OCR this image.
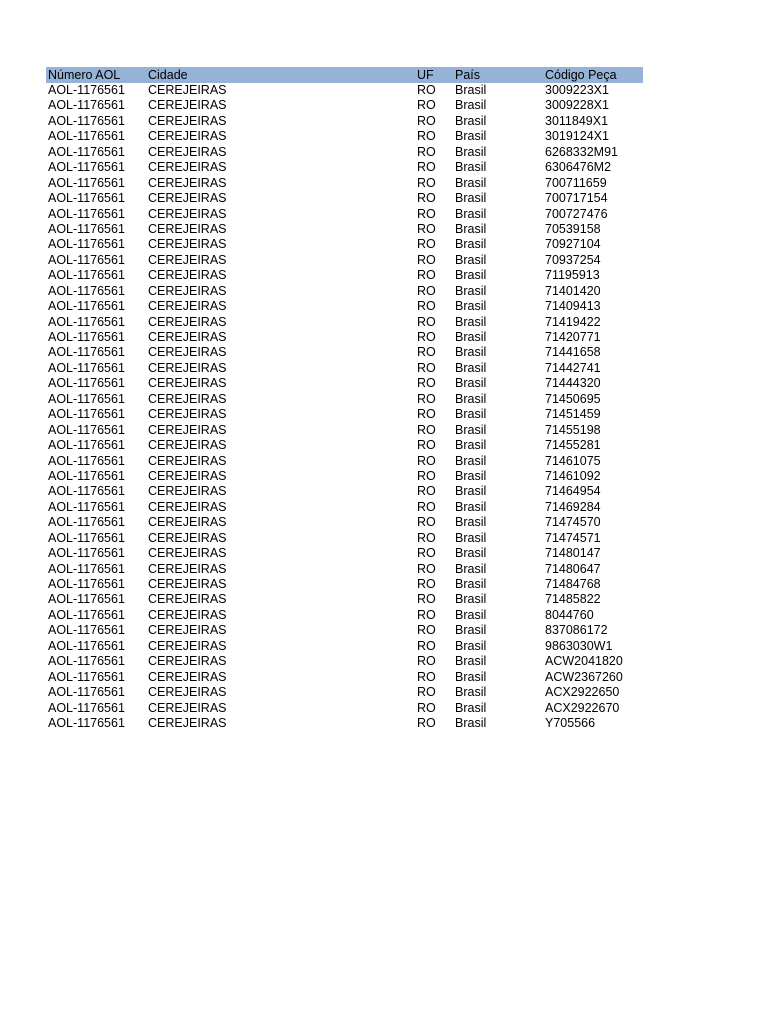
Número AOL Cidade	UF País	Código Peça
AOL-1176561 CEREJEIRAS	RO Brasil	3009223X1
AOL-1176561 CEREJEIRAS	RO Brasil	3009228X1
AOL-1176561 CEREJEIRAS	RO Brasil	3011849X1
AOL-1176561 CEREJEIRAS	RO Brasil	3019124X1
AOL-1176561 CEREJEIRAS	RO Brasil	6268332M91
AOL-1176561 CEREJEIRAS	RO Brasil	6306476M2
AOL-1176561 CEREJEIRAS	RO Brasil	700711659
AOL-1176561 CEREJEIRAS	RO Brasil	700717154
AOL-1176561 CEREJEIRAS	RO Brasil	700727476
AOL-1176561 CEREJEIRAS	RO Brasil	70539158
AOL-1176561 CEREJEIRAS	RO Brasil	70927104
AOL-1176561 CEREJEIRAS	RO Brasil	70937254
AOL-1176561 CEREJEIRAS	RO Brasil	71195913
AOL-1176561 CEREJEIRAS	RO Brasil	71401420
AOL-1176561 CEREJEIRAS	RO Brasil	71409413
AOL-1176561 CEREJEIRAS	RO Brasil	71419422
AOL-1176561 CEREJEIRAS	RO Brasil	71420771
AOL-1176561 CEREJEIRAS	RO Brasil	71441658
AOL-1176561 CEREJEIRAS	RO Brasil	71442741
AOL-1176561 CEREJEIRAS	RO Brasil	71444320
AOL-1176561 CEREJEIRAS	RO Brasil	71450695
AOL-1176561 CEREJEIRAS	RO Brasil	71451459
AOL-1176561 CEREJEIRAS	RO Brasil	71455198
AOL-1176561 CEREJEIRAS	RO Brasil	71455281
AOL-1176561 CEREJEIRAS	RO Brasil	71461075
AOL-1176561 CEREJEIRAS	RO Brasil	71461092
AOL-1176561 CEREJEIRAS	RO Brasil	71464954
AOL-1176561 CEREJEIRAS	RO Brasil	71469284
AOL-1176561 CEREJEIRAS	RO Brasil	71474570
AOL-1176561 CEREJEIRAS	RO Brasil	71474571
AOL-1176561 CEREJEIRAS	RO Brasil	71480147
AOL-1176561 CEREJEIRAS	RO Brasil	71480647
AOL-1176561 CEREJEIRAS	RO Brasil	71484768
AOL-1176561 CEREJEIRAS	RO Brasil	71485822
AOL-1176561 CEREJEIRAS	RO Brasil	8044760
AOL-1176561 CEREJEIRAS	RO Brasil	837086172
AOL-1176561 CEREJEIRAS	RO Brasil	9863030W1
AOL-1176561 CEREJEIRAS	RO Brasil	ACW2041820
AOL-1176561 CEREJEIRAS	RO Brasil	ACW2367260
AOL-1176561 CEREJEIRAS	RO Brasil	ACX2922650
AOL-1176561 CEREJEIRAS	RO Brasil	ACX2922670
AOL-1176561 CEREJEIRAS	RO Brasil	Y705566
